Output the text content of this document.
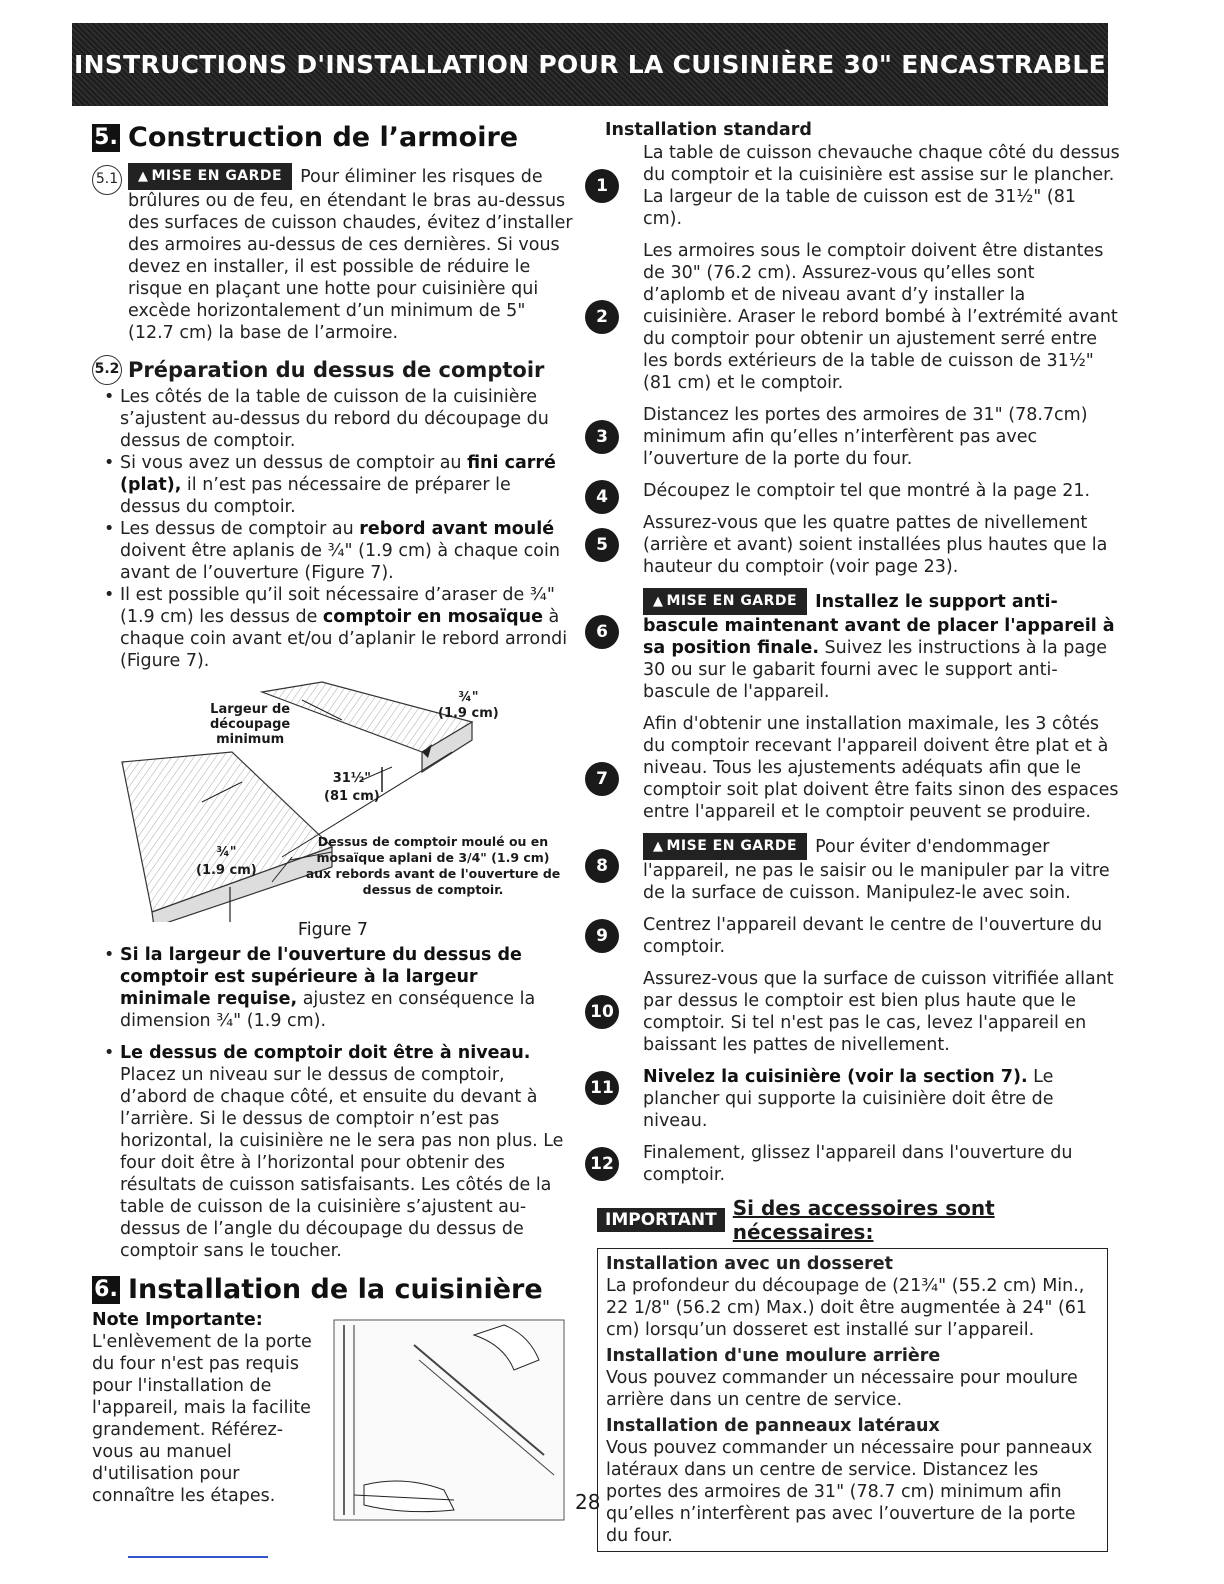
INSTRUCTIONS D'INSTALLATION POUR LA CUISINIÈRE 30" ENCASTRABLE
5. Construction de l’armoire
5.1 ▲ MISE EN GARDE Pour éliminer les risques de brûlures ou de feu, en étendant le bras au-dessus des surfaces de cuisson chaudes, évitez d’installer des armoires au-dessus de ces dernières. Si vous devez en installer, il est possible de réduire le risque en plaçant une hotte pour cuisinière qui excède horizontalement d’un minimum de 5" (12.7 cm) la base de l’armoire.
5.2 Préparation du dessus de comptoir
• Les côtés de la table de cuisson de la cuisinière s’ajustent au-dessus du rebord du découpage du dessus de comptoir.
• Si vous avez un dessus de comptoir au fini carré (plat), il n’est pas nécessaire de préparer le dessus du comptoir.
• Les dessus de comptoir au rebord avant moulé doivent être aplanis de ¾" (1.9 cm) à chaque coin avant de l’ouverture (Figure 7).
• Il est possible qu’il soit nécessaire d’araser de ¾" (1.9 cm) les dessus de comptoir en mosaïque à chaque coin avant et/ou d’aplanir le rebord arrondi (Figure 7).
Largeur de
découpage
minimum
¾"
(1.9 cm)
31½"
(81 cm)
¾"
(1.9 cm)
Dessus de comptoir moulé ou en
mosaïque aplani de 3/4" (1.9 cm)
aux rebords avant de l'ouverture de
dessus de comptoir.
Figure 7
• Si la largeur de l'ouverture du dessus de comptoir est supérieure à la largeur minimale requise, ajustez en conséquence la dimension ¾" (1.9 cm).
• Le dessus de comptoir doit être à niveau. Placez un niveau sur le dessus de comptoir, d’abord de chaque côté, et ensuite du devant à l’arrière. Si le dessus de comptoir n’est pas horizontal, la cuisinière ne le sera pas non plus. Le four doit être à l’horizontal pour obtenir des résultats de cuisson satisfaisants. Les côtés de la table de cuisson de la cuisinière s’ajustent au-dessus de l’angle du découpage du dessus de comptoir sans le toucher.
6. Installation de la cuisinière
Note Importante: L'enlèvement de la porte du four n'est pas requis pour l'installation de l'appareil, mais la facilite grandement. Référez-vous au manuel d'utilisation pour connaître les étapes.
Installation standard
1
La table de cuisson chevauche chaque côté du dessus du comptoir et la cuisinière est assise sur le plancher. La largeur de la table de cuisson est de 31½" (81 cm).
2
Les armoires sous le comptoir doivent être distantes de 30" (76.2 cm). Assurez-vous qu’elles sont d’aplomb et de niveau avant d’y installer la cuisinière. Araser le rebord bombé à l’extrémité avant du comptoir pour obtenir un ajustement serré entre les bords extérieurs de la table de cuisson de 31½" (81 cm) et le comptoir.
3
Distancez les portes des armoires de 31" (78.7cm) minimum afin qu’elles n’interfèrent pas avec l’ouverture de la porte du four.
4	Découpez le comptoir tel que montré à la page 21.
5
Assurez-vous que les quatre pattes de nivellement (arrière et avant) soient installées plus hautes que la hauteur du comptoir (voir page 23).
6
▲ MISE EN GARDE Installez le support anti-bascule maintenant avant de placer l'appareil à sa position finale. Suivez les instructions à la page 30 ou sur le gabarit fourni avec le support anti-bascule de l'appareil.
7
Afin d'obtenir une installation maximale, les 3 côtés du comptoir recevant l'appareil doivent être plat et à niveau. Tous les ajustements adéquats afin que le comptoir soit plat doivent être faits sinon des espaces entre l'appareil et le comptoir peuvent se produire.
8
▲ MISE EN GARDE Pour éviter d'endommager l'appareil, ne pas le saisir ou le manipuler par la vitre de la surface de cuisson. Manipulez-le avec soin.
9
Centrez l'appareil devant le centre de l'ouverture du comptoir.
10
Assurez-vous que la surface de cuisson vitrifiée allant par dessus le comptoir est bien plus haute que le comptoir. Si tel n'est pas le cas, levez l'appareil en baissant les pattes de nivellement.
11
Nivelez la cuisinière (voir la section 7). Le plancher qui supporte la cuisinière doit être de niveau.
12
Finalement, glissez l'appareil dans l'ouverture du comptoir.
IMPORTANT Si des accessoires sont nécessaires:
Installation avec un dosseret

La profondeur du découpage de (21¾" (55.2 cm) Min., 22 1/8" (56.2 cm) Max.) doit être augmentée à 24" (61 cm) lorsqu’un dosseret est installé sur l’appareil.

Installation d'une moulure arrière

Vous pouvez commander un nécessaire pour moulure arrière dans un centre de service.

Installation de panneaux latéraux

Vous pouvez commander un nécessaire pour panneaux latéraux dans un centre de service. Distancez les portes des armoires de 31" (78.7 cm) minimum afin qu’elles n’interfèrent pas avec l’ouverture de la porte du four.

28
